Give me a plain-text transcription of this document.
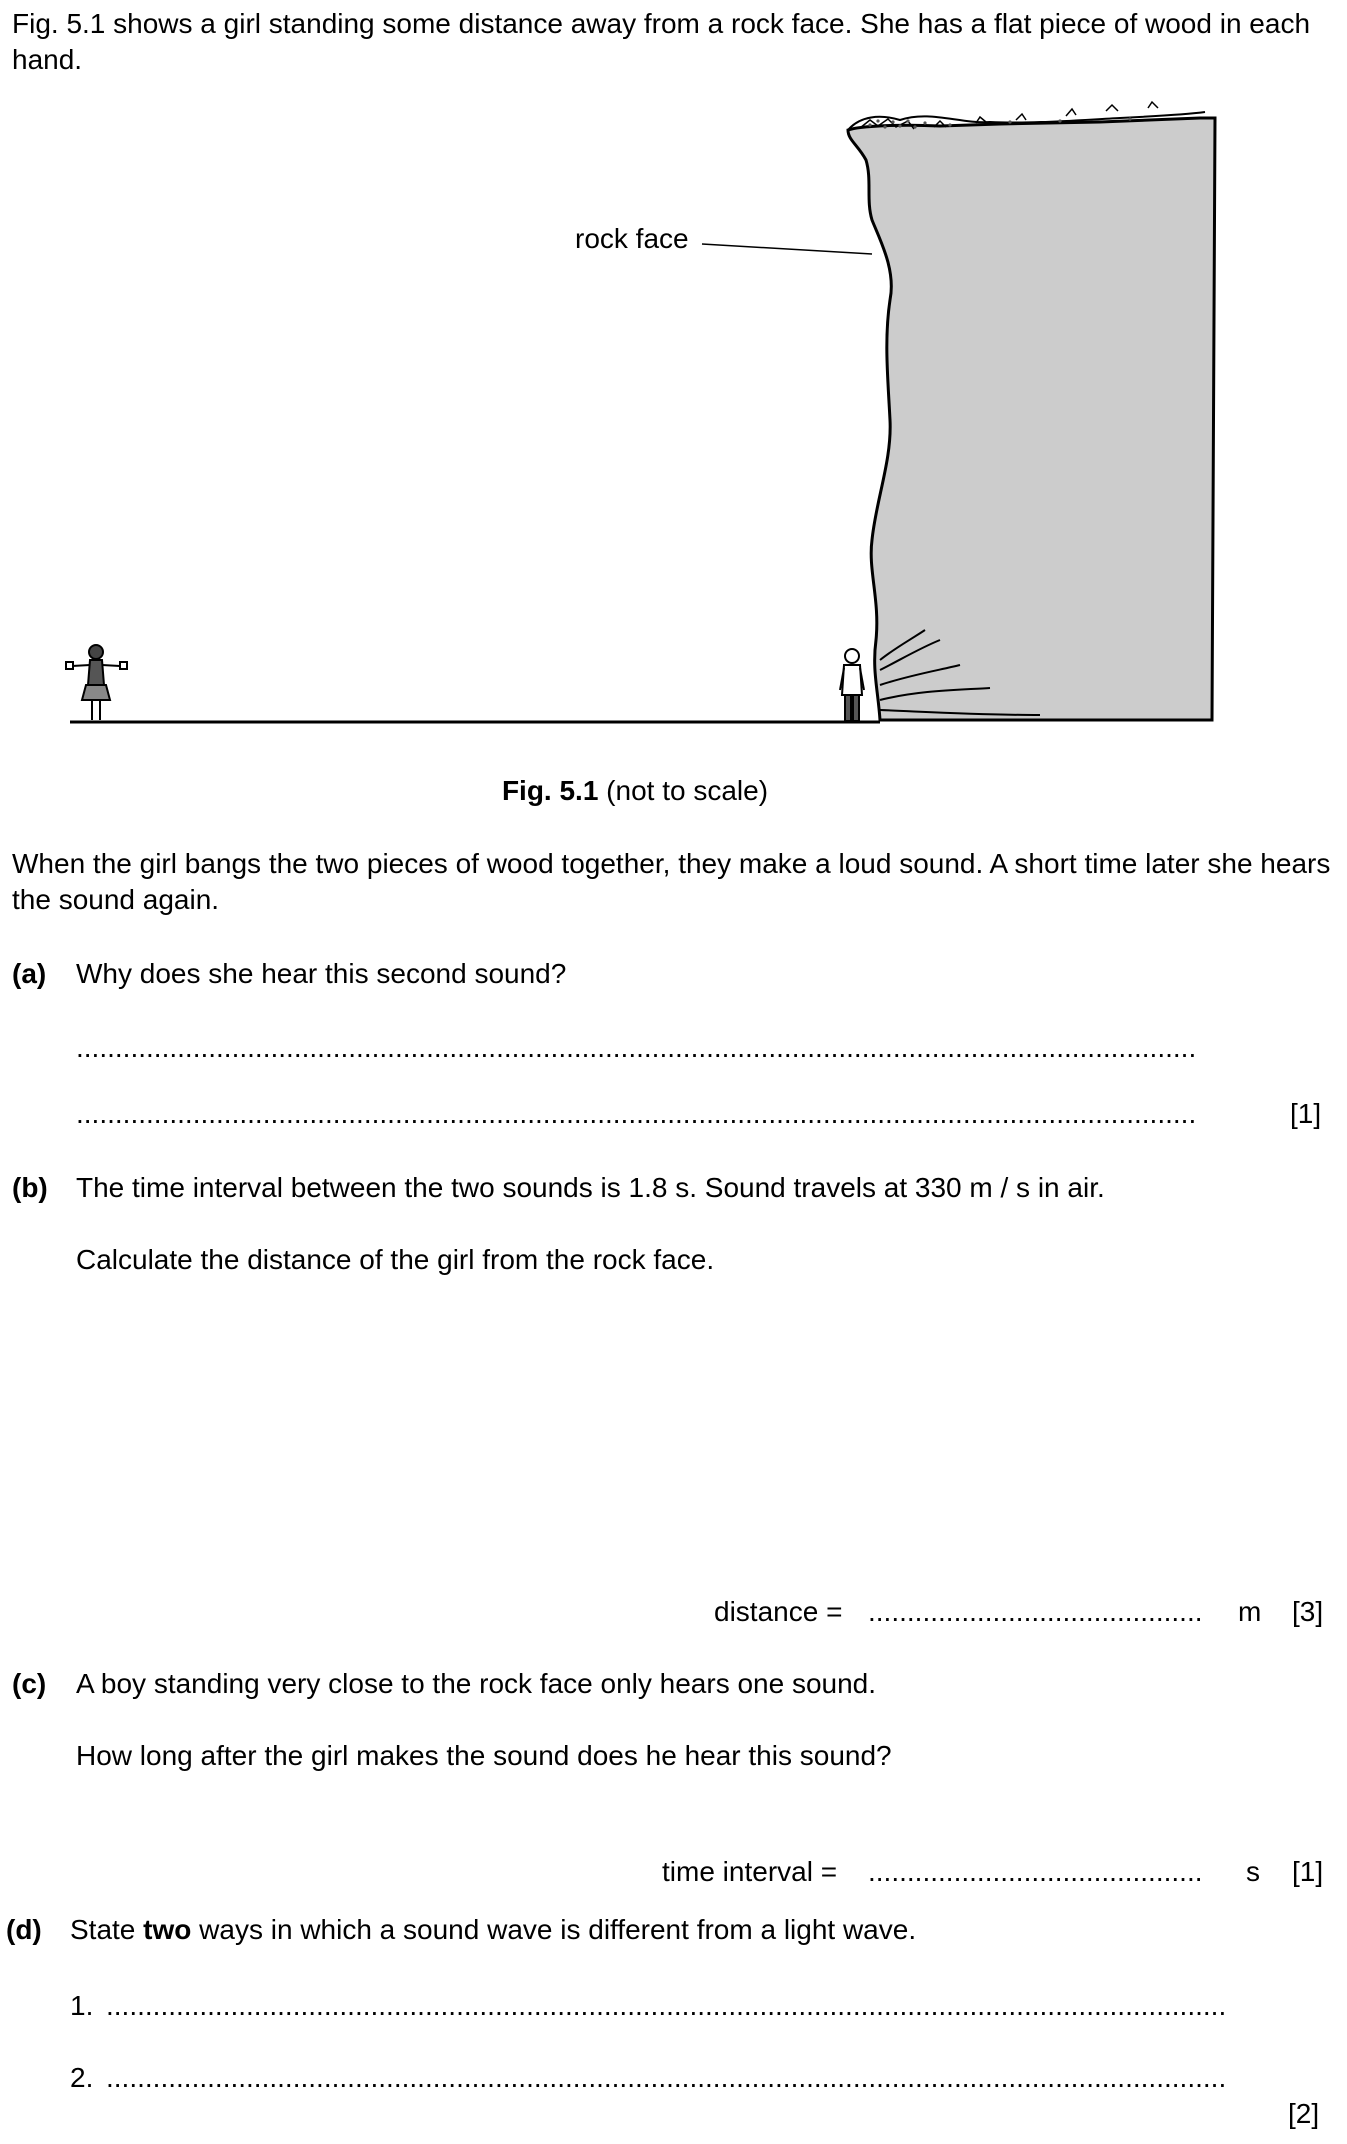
Fig. 5.1 shows a girl standing some distance away from a rock face. She has a flat piece of wood in each hand.
rock face
Fig. 5.1 (not to scale)
When the girl bangs the two pieces of wood together, they make a loud sound. A short time later she hears the sound again.
(a) Why does she hear this second sound?
................................................................................................................................................
................................................................................................................................................	[1]
(b) The time interval between the two sounds is 1.8 s. Sound travels at 330 m / s in air.
Calculate the distance of the girl from the rock face.
distance = ...........................................	m [3]
(c) A boy standing very close to the rock face only hears one sound.
How long after the girl makes the sound does he hear this sound?
time interval = ...........................................	s [1]
(d) State two ways in which a sound wave is different from a light wave.
1. ................................................................................................................................................
2. ................................................................................................................................................
[2]
